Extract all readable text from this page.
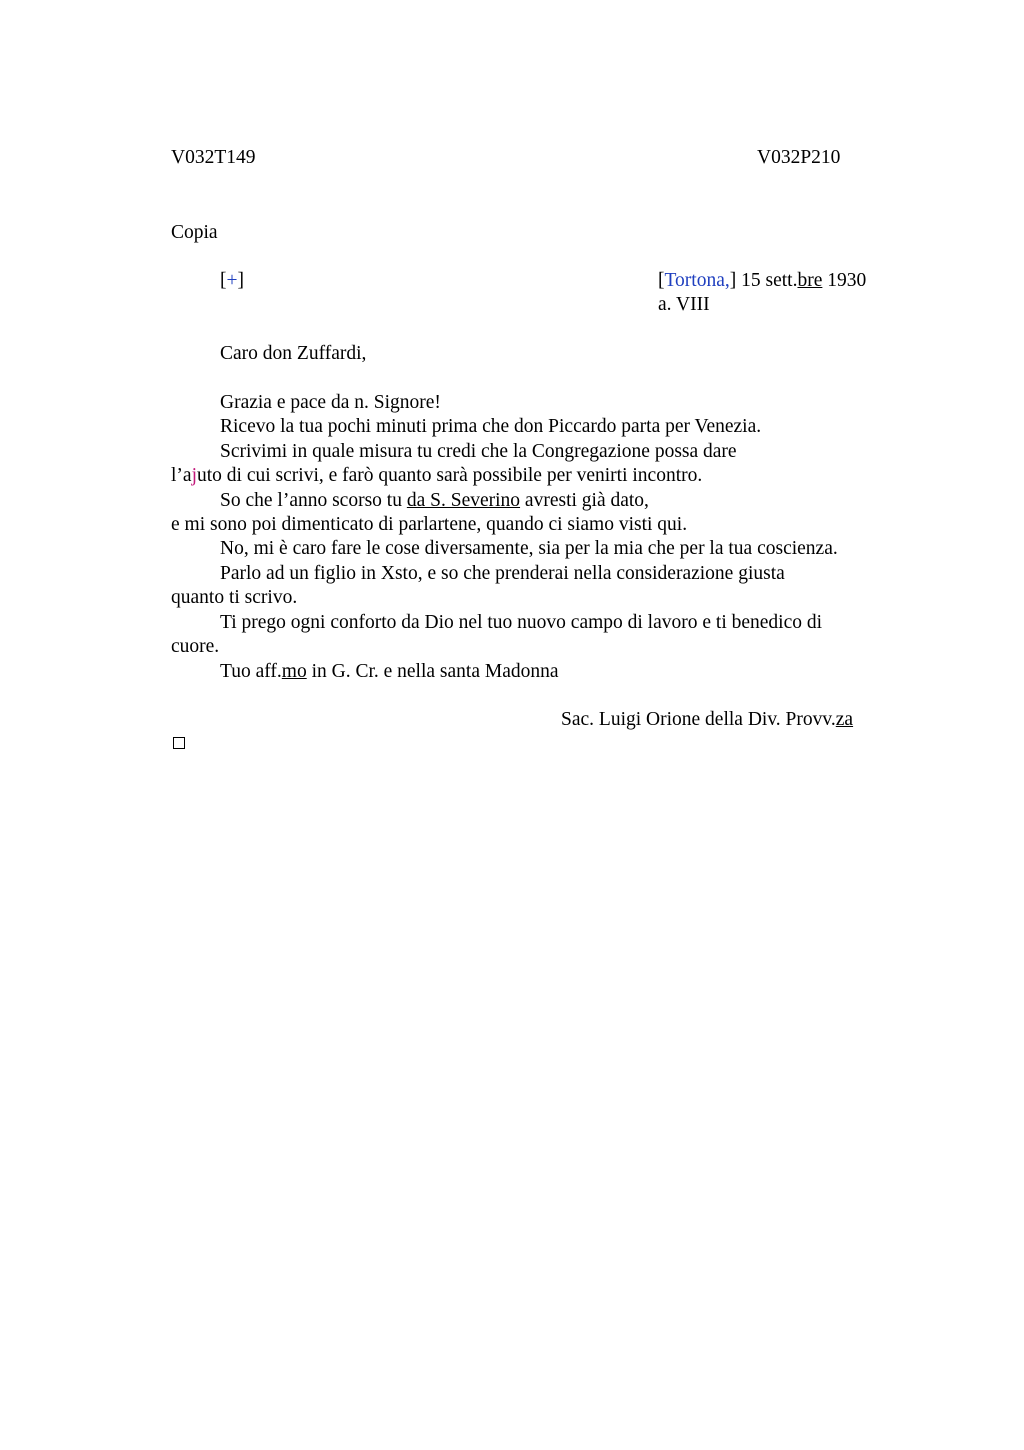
V032T149	V032P210
Copia
[+]	[Tortona,] 15 sett.bre 1930
a. VIII
Caro don Zuffardi,
Grazia e pace da n. Signore!
Ricevo la tua pochi minuti prima che don Piccardo parta per Venezia.
Scrivimi in quale misura tu credi che la Congregazione possa dare
l’ajuto di cui scrivi, e farò quanto sarà possibile per venirti incontro.
So che l’anno scorso tu da S. Severino avresti già dato,
e mi sono poi dimenticato di parlartene, quando ci siamo visti qui.
No, mi è caro fare le cose diversamente, sia per la mia che per la tua coscienza.
Parlo ad un figlio in Xsto, e so che prenderai nella considerazione giusta
quanto ti scrivo.
Ti prego ogni conforto da Dio nel tuo nuovo campo di lavoro e ti benedico di
cuore.
Tuo aff.mo in G. Cr. e nella santa Madonna
Sac. Luigi Orione della Div. Provv.za
